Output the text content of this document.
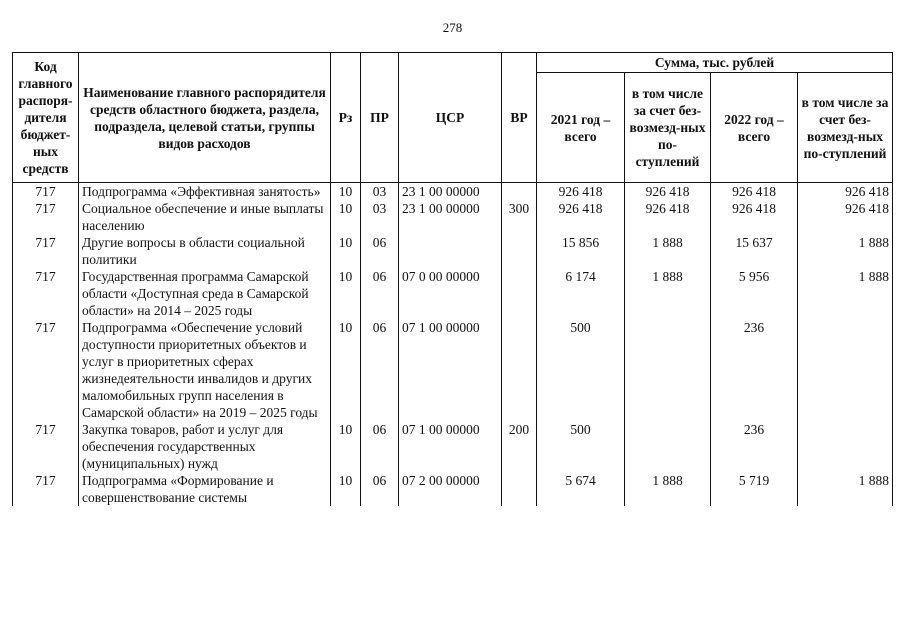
278
Код главного распоря-дителя бюджет-ных средств	Наименование главного распорядителя средств областного бюджета, раздела, подраздела, целевой статьи, группы видов расходов	Рз	ПР	ЦСР	ВР	Сумма, тыс. рублей			
						2021 год – всего	в том числе за счет без-возмезд-ных по-ступлений	2022 год – всего	в том числе за счет без-возмезд-ных по-ступлений
717	Подпрограмма «Эффективная занятость»	10	03	23 1 00 00000		926 418	926 418	926 418	926 418
717	Социальное обеспечение и иные выплаты населению	10	03	23 1 00 00000	300	926 418	926 418	926 418	926 418
717	Другие вопросы в области социальной политики	10	06			15 856	1 888	15 637	1 888
717	Государственная программа Самарской области «Доступная среда в Самарской области» на 2014 – 2025 годы	10	06	07 0 00 00000		6 174	1 888	5 956	1 888
717	Подпрограмма «Обеспечение условий доступности приоритетных объектов и услуг в приоритетных сферах жизнедеятельности инвалидов и других маломобильных групп населения в Самарской области» на 2019 – 2025 годы	10	06	07 1 00 00000		500		236	
717	Закупка товаров, работ и услуг для обеспечения государственных (муниципальных) нужд	10	06	07 1 00 00000	200	500		236	
717	Подпрограмма «Формирование и совершенствование системы	10	06	07 2 00 00000		5 674	1 888	5 719	1 888
